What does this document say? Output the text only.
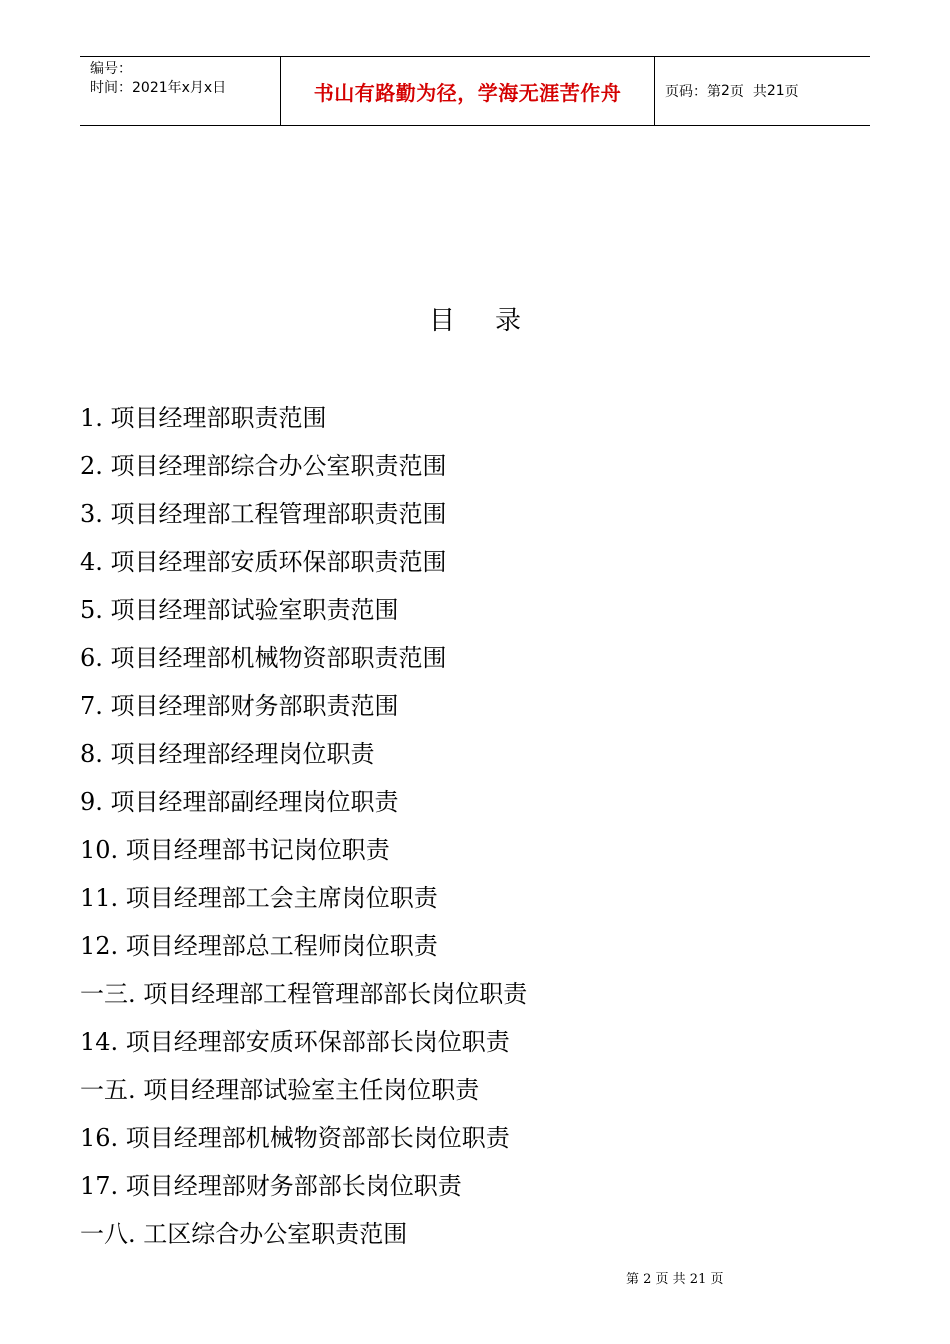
编号：
时间：2021年x月x日	书山有路勤为径，学海无涯苦作舟	页码：第 2 页  共 21 页
目录
1. 项目经理部职责范围
2. 项目经理部综合办公室职责范围
3. 项目经理部工程管理部职责范围
4. 项目经理部安质环保部职责范围
5. 项目经理部试验室职责范围
6. 项目经理部机械物资部职责范围
7. 项目经理部财务部职责范围
8. 项目经理部经理岗位职责
9. 项目经理部副经理岗位职责
10. 项目经理部书记岗位职责
11. 项目经理部工会主席岗位职责
12. 项目经理部总工程师岗位职责
一三. 项目经理部工程管理部部长岗位职责
14. 项目经理部安质环保部部长岗位职责
一五. 项目经理部试验室主任岗位职责
16. 项目经理部机械物资部部长岗位职责
17. 项目经理部财务部部长岗位职责
一八. 工区综合办公室职责范围
第 2 页 共 21 页
